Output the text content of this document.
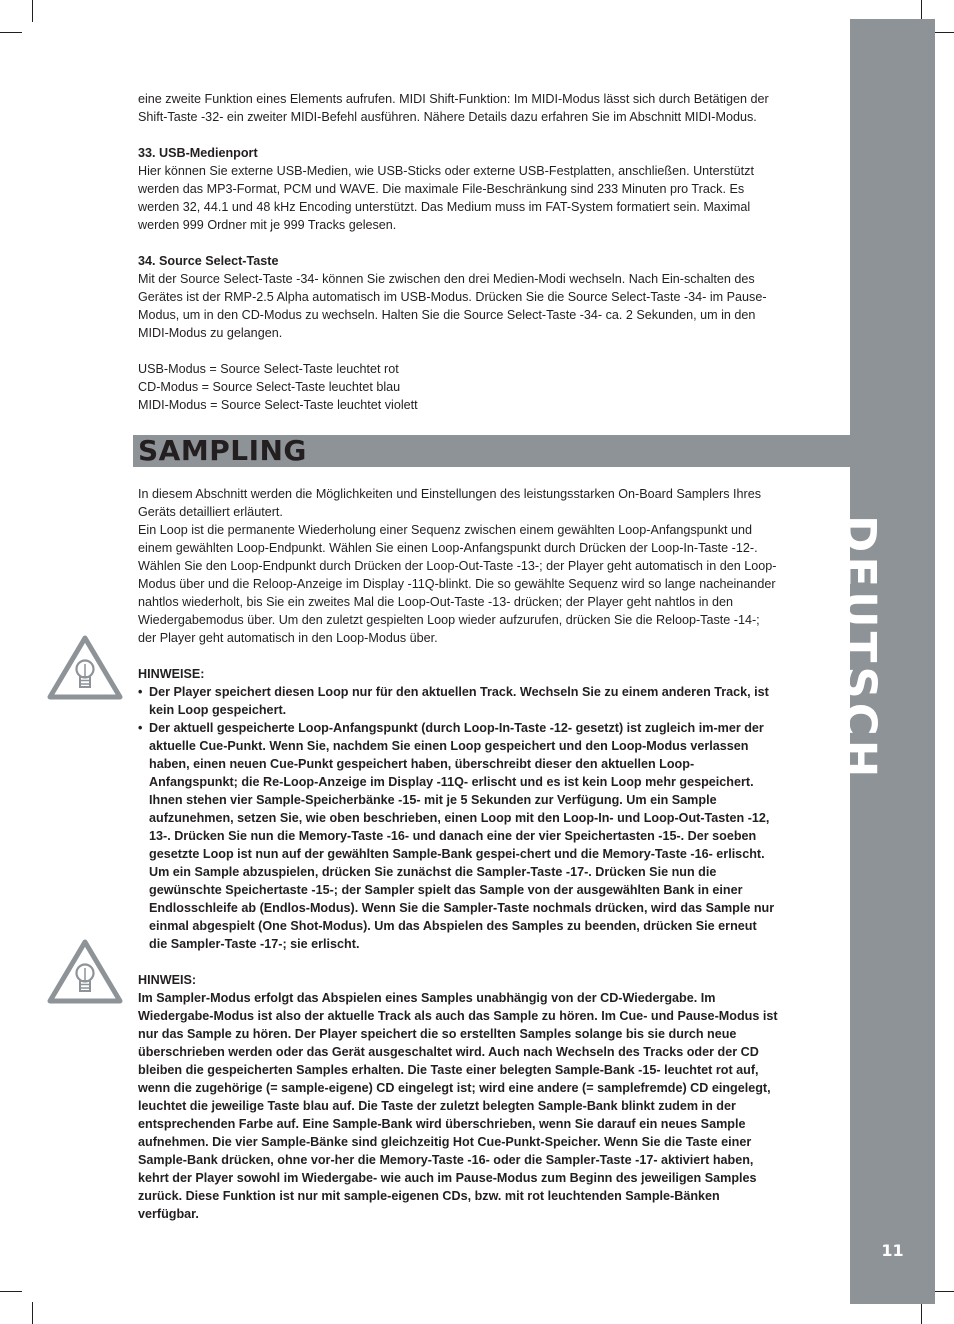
DEUTSCH
11

eine zweite Funktion eines Elements aufrufen. MIDI Shift-Funktion: Im MIDI-Modus lässt sich durch Betätigen der Shift-Taste -32- ein zweiter MIDI-Befehl ausführen. Nähere Details dazu erfahren Sie im Abschnitt MIDI-Modus.

33. USB-Medienport

Hier können Sie externe USB-Medien, wie USB-Sticks oder externe USB-Festplatten, anschließen. Unterstützt werden das MP3-Format, PCM und WAVE. Die maximale File-Beschränkung sind 233 Minuten pro Track. Es werden 32, 44.1 und 48 kHz Encoding unterstützt. Das Medium muss im FAT-System formatiert sein. Maximal werden 999 Ordner mit je 999 Tracks gelesen.

34. Source Select-Taste

Mit der Source Select-Taste -34- können Sie zwischen den drei Medien-Modi wechseln. Nach Ein-schalten des Gerätes ist der RMP-2.5 Alpha automatisch im USB-Modus. Drücken Sie die Source Select-Taste -34- im Pause-Modus, um in den CD-Modus zu wechseln. Halten Sie die Source Select-Taste -34- ca. 2 Sekunden, um in den MIDI-Modus zu gelangen.

USB-Modus = Source Select-Taste leuchtet rot

CD-Modus = Source Select-Taste leuchtet blau

MIDI-Modus = Source Select-Taste leuchtet violett

SAMPLING

In diesem Abschnitt werden die Möglichkeiten und Einstellungen des leistungsstarken On-Board Samplers Ihres Geräts detailliert erläutert.

Ein Loop ist die permanente Wiederholung einer Sequenz zwischen einem gewählten Loop-Anfangspunkt und einem gewählten Loop-Endpunkt. Wählen Sie einen Loop-Anfangspunkt durch Drücken der Loop-In-Taste -12-. Wählen Sie den Loop-Endpunkt durch Drücken der Loop-Out-Taste -13-; der Player geht automatisch in den Loop-Modus über und die Reloop-Anzeige im Display -11Q-blinkt. Die so gewählte Sequenz wird so lange nacheinander nahtlos wiederholt, bis Sie ein zweites Mal die Loop-Out-Taste -13- drücken; der Player geht nahtlos in den Wiedergabemodus über. Um den zuletzt gespielten Loop wieder aufzurufen, drücken Sie die Reloop-Taste -14-; der Player geht automatisch in den Loop-Modus über.

HINWEISE:

• Der Player speichert diesen Loop nur für den aktuellen Track. Wechseln Sie zu einem anderen Track, ist kein Loop gespeichert.
• Der aktuell gespeicherte Loop-Anfangspunkt (durch Loop-In-Taste -12- gesetzt) ist zugleich im-mer der aktuelle Cue-Punkt. Wenn Sie, nachdem Sie einen Loop gespeichert und den Loop-Modus verlassen haben, einen neuen Cue-Punkt gespeichert haben, überschreibt dieser den aktuellen Loop-Anfangspunkt; die Re-Loop-Anzeige im Display -11Q- erlischt und es ist kein Loop mehr gespeichert. Ihnen stehen vier Sample-Speicherbänke -15- mit je 5 Sekunden zur Verfügung. Um ein Sample aufzunehmen, setzen Sie, wie oben beschrieben, einen Loop mit den Loop-In- und Loop-Out-Tasten -12, 13-. Drücken Sie nun die Memory-Taste -16- und danach eine der vier Speichertasten -15-. Der soeben gesetzte Loop ist nun auf der gewählten Sample-Bank gespei-chert und die Memory-Taste -16- erlischt. Um ein Sample abzuspielen, drücken Sie zunächst die Sampler-Taste -17-. Drücken Sie nun die gewünschte Speichertaste -15-; der Sampler spielt das Sample von der ausgewählten Bank in einer Endlosschleife ab (Endlos-Modus). Wenn Sie die Sampler-Taste nochmals drücken, wird das Sample nur einmal abgespielt (One Shot-Modus). Um das Abspielen des Samples zu beenden, drücken Sie erneut die Sampler-Taste -17-; sie erlischt.

HINWEIS:

Im Sampler-Modus erfolgt das Abspielen eines Samples unabhängig von der CD-Wiedergabe. Im Wiedergabe-Modus ist also der aktuelle Track als auch das Sample zu hören. Im Cue- und Pause-Modus ist nur das Sample zu hören. Der Player speichert die so erstellten Samples solange bis sie durch neue überschrieben werden oder das Gerät ausgeschaltet wird. Auch nach Wechseln des Tracks oder der CD bleiben die gespeicherten Samples erhalten. Die Taste einer belegten Sample-Bank -15- leuchtet rot auf, wenn die zugehörige (= sample-eigene) CD eingelegt ist; wird eine andere (= samplefremde) CD eingelegt, leuchtet die jeweilige Taste blau auf. Die Taste der zuletzt belegten Sample-Bank blinkt zudem in der entsprechenden Farbe auf. Eine Sample-Bank wird überschrieben, wenn Sie darauf ein neues Sample aufnehmen. Die vier Sample-Bänke sind gleichzeitig Hot Cue-Punkt-Speicher. Wenn Sie die Taste einer Sample-Bank drücken, ohne vor-her die Memory-Taste -16- oder die Sampler-Taste -17- aktiviert haben, kehrt der Player sowohl im Wiedergabe- wie auch im Pause-Modus zum Beginn des jeweiligen Samples zurück. Diese Funktion ist nur mit sample-eigenen CDs, bzw. mit rot leuchtenden Sample-Bänken verfügbar.
